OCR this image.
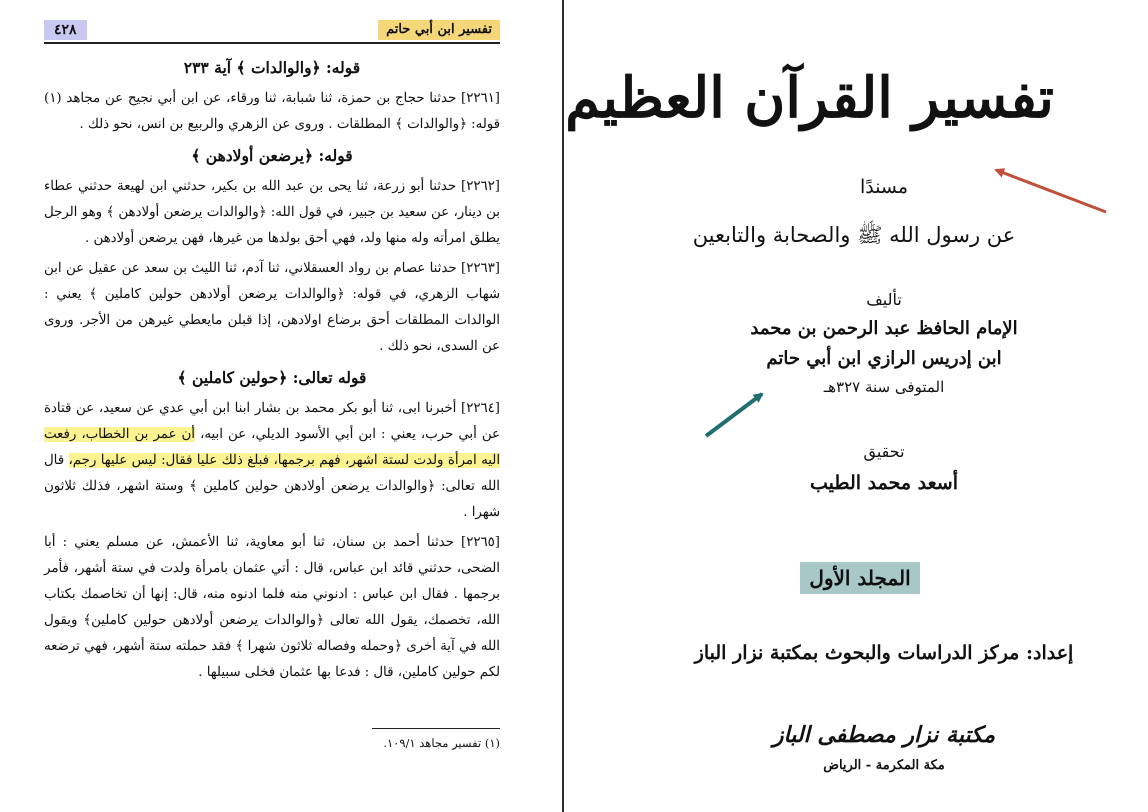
٤٢٨	تفسير ابن أبي حاتم
قوله: ﴿والوالدات ﴾ آية ٢٣٣

[٢٢٦١] حدثنا حجاج بن حمزة، ثنا شبابة، ثنا ورقاء، عن ابن أبي نجيح عن مجاهد (١) قوله: ﴿والوالدات ﴾ المطلقات . وروى عن الزهري والربيع بن انس، نحو ذلك .

قوله: ﴿يرضعن أولادهن ﴾

[٢٢٦٢] حدثنا أبو زرعة، ثنا يحى بن عبد الله بن بكير، حدثني ابن لهيعة حدثني عطاء بن دينار، عن سعيد بن جبير، في قول الله: ﴿والوالدات يرضعن أولادهن ﴾ وهو الرجل يطلق امرأته وله منها ولد، فهي أحق بولدها من غيرها، فهن يرضعن أولادهن .

[٢٢٦٣] حدثنا عصام بن رواد العسقلاني، ثنا آدم، ثنا الليث بن سعد عن عقيل عن ابن شهاب الزهري، في قوله: ﴿والوالدات يرضعن أولادهن حولين كاملين ﴾ يعني : الوالدات المطلقات أحق برضاع اولادهن، إذا قبلن مايعطي غيرهن من الأجر. وروى عن السدى، نحو ذلك .

قوله تعالى: ﴿حولين كاملين ﴾

[٢٢٦٤] أخبرنا ابى، ثنا أبو بكر محمد بن بشار ابنا ابن أبي عدي عن سعيد، عن قتادة عن أبي حرب، يعني : ابن أبي الأسود الديلي، عن ابيه، أن عمر بن الخطاب، رفعت اليه امرأة ولدت لستة اشهر، فهم برجمها، فبلغ ذلك عليا فقال: ليس عليها رجم، قال الله تعالى: ﴿والوالدات يرضعن أولادهن حولين كاملين ﴾ وستة اشهر، فذلك ثلاثون شهرا .

[٢٢٦٥] حدثنا أحمد بن سنان، ثنا أبو معاوية، ثنا الأعمش، عن مسلم يعني : أبا الضحى، حدثني قائد ابن عباس، قال : أتي عثمان بامرأة ولدت في ستة أشهر، فأمر برجمها . فقال ابن عباس : ادنوني منه فلما ادنوه منه، قال: إنها أن تخاصمك بكتاب الله، تخصمك، يقول الله تعالى ﴿والوالدات يرضعن أولادهن حولين كاملين﴾ ويقول الله في آية أخرى ﴿وحمله وفصاله ثلاثون شهرا ﴾ فقد حملته ستة أشهر، فهي ترضعه لكم حولين كاملين، قال : فدعا بها عثمان فخلى سبيلها .

(١) تفسير مجاهد ١٠٩/١.
تفسير القرآن العظيم
مسندًا
عن رسول الله ﷺ والصحابة والتابعين
تأليف
الإمام الحافظ عبد الرحمن بن محمد
ابن إدريس الرازي ابن أبي حاتم
المتوفى سنة ٣٢٧هـ
تحقيق
أسعد محمد الطيب
المجلد الأول
إعداد: مركز الدراسات والبحوث بمكتبة نزار الباز
مكتبة نزار مصطفى الباز
مكة المكرمة - الرياض
